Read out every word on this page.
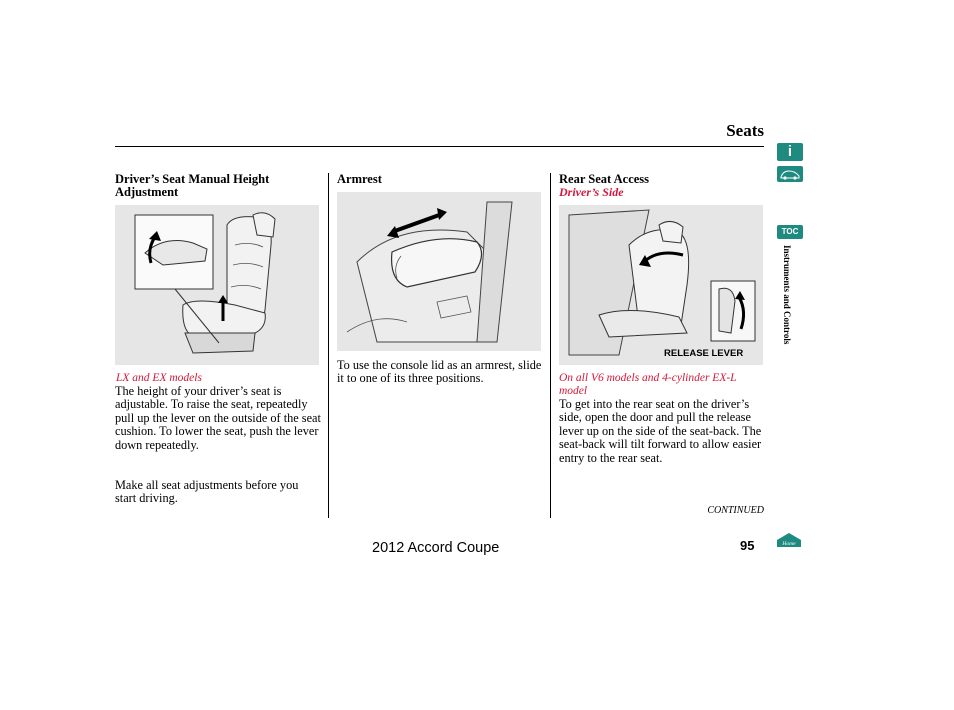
Seats
Driver’s Seat Manual Height Adjustment
LX and EX models
The height of your driver’s seat is adjustable. To raise the seat, repeatedly pull up the lever on the outside of the seat cushion. To lower the seat, push the lever down repeatedly.
Make all seat adjustments before you start driving.
Armrest
To use the console lid as an armrest, slide it to one of its three positions.
Rear Seat Access
Driver’s Side
RELEASE LEVER
On all V6 models and 4-cylinder EX-L model
To get into the rear seat on the driver’s side, open the door and pull the release lever up on the side of the seat-back. The seat-back will tilt forward to allow easier entry to the rear seat.
CONTINUED
i
TOC
Instruments and Controls
2012 Accord Coupe	95	Home
